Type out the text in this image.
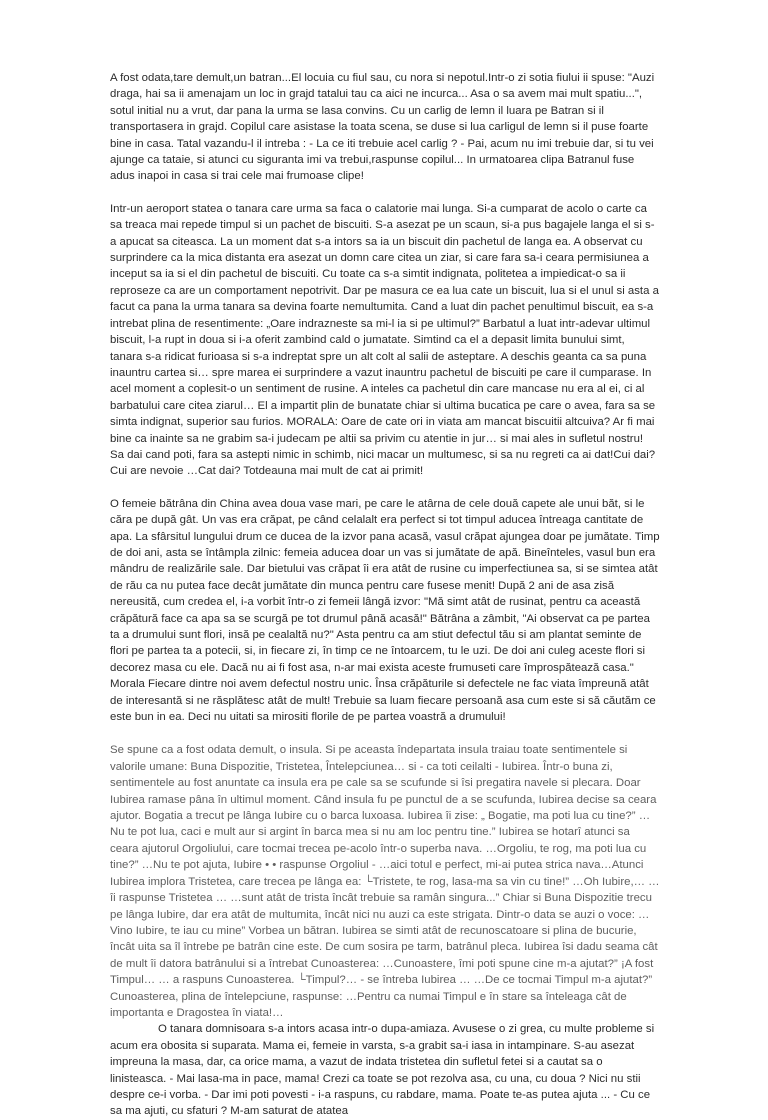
A fost odata,tare demult,un batran...El locuia cu fiul sau, cu nora si nepotul.Intr-o zi sotia fiului ii spuse: "Auzi draga, hai sa ii amenajam un loc in grajd tatalui tau ca aici ne incurca... Asa o sa avem mai mult spatiu...", sotul initial nu a vrut, dar pana la urma se lasa convins. Cu un carlig de lemn il luara pe Batran si il transportasera in grajd. Copilul care asistase la toata scena, se duse si lua carligul de lemn si il puse foarte bine in casa. Tatal vazandu-l il intreba : - La ce iti trebuie acel carlig ? - Pai, acum nu imi trebuie dar, si tu vei ajunge ca tataie, si atunci cu siguranta imi va trebui,raspunse copilul... In urmatoarea clipa Batranul fuse adus inapoi in casa si trai cele mai frumoase clipe!

Intr-un aeroport statea o tanara care urma sa faca o calatorie mai lunga. Si-a cumparat de acolo o carte ca sa treaca mai repede timpul si un pachet de biscuiti. S-a asezat pe un scaun, si-a pus bagajele langa el si s-a apucat sa citeasca. La un moment dat s-a intors sa ia un biscuit din pachetul de langa ea. A observat cu surprindere ca la mica distanta era asezat un domn care citea un ziar, si care fara sa-i ceara permisiunea a inceput sa ia si el din pachetul de biscuiti. Cu toate ca s-a simtit indignata, politetea a impiedicat-o sa ii reproseze ca are un comportament nepotrivit. Dar pe masura ce ea lua cate un biscuit, lua si el unul si asta a facut ca pana la urma tanara sa devina foarte nemultumita. Cand a luat din pachet penultimul biscuit, ea s-a intrebat plina de resentimente: „Oare indrazneste sa mi-l ia si pe ultimul?” Barbatul a luat intr-adevar ultimul biscuit, l-a rupt in doua si i-a oferit zambind cald o jumatate. Simtind ca el a depasit limita bunului simt, tanara s-a ridicat furioasa si s-a indreptat spre un alt colt al salii de asteptare. A deschis geanta ca sa puna inauntru cartea si… spre marea ei surprindere a vazut inauntru pachetul de biscuiti pe care il cumparase. In acel moment a coplesit-o un sentiment de rusine. A inteles ca pachetul din care mancase nu era al ei, ci al barbatului care citea ziarul… El a impartit plin de bunatate chiar si ultima bucatica pe care o avea, fara sa se simta indignat, superior sau furios. MORALA: Oare de cate ori in viata am mancat biscuitii altcuiva? Ar fi mai bine ca inainte sa ne grabim sa-i judecam pe altii sa privim cu atentie in jur… si mai ales in sufletul nostru! Sa dai cand poti, fara sa astepti nimic in schimb, nici macar un multumesc, si sa nu regreti ca ai dat!Cui dai? Cui are nevoie …Cat dai? Totdeauna mai mult de cat ai primit!

O femeie bătrâna din China avea doua vase mari, pe care le atârna de cele două capete ale unui băt, si le căra pe după gât. Un vas era crăpat, pe când celalalt era perfect si tot timpul aducea întreaga cantitate de apa. La sfârsitul lungului drum ce ducea de la izvor pana acasă, vasul crăpat ajungea doar pe jumătate. Timp de doi ani, asta se întâmpla zilnic: femeia aducea doar un vas si jumătate de apă. Bineînteles, vasul bun era mândru de realizările sale. Dar bietului vas crăpat îi era atât de rusine cu imperfectiunea sa, si se simtea atât de rău ca nu putea face decât jumătate din munca pentru care fusese menit! După 2 ani de asa zisă nereusită, cum credea el, i-a vorbit într-o zi femeii lângă izvor: "Mă simt atât de rusinat, pentru ca această crăpătură face ca apa sa se scurgă pe tot drumul până acasă!" Bătrâna a zâmbit, "Ai observat ca pe partea ta a drumului sunt flori, insă pe cealaltă nu?" Asta pentru ca am stiut defectul tău si am plantat seminte de flori pe partea ta a potecii, si, in fiecare zi, în timp ce ne întoarcem, tu le uzi. De doi ani culeg aceste flori si decorez masa cu ele. Dacă nu ai fi fost asa, n-ar mai exista aceste frumuseti care împrospătează casa." Morala Fiecare dintre noi avem defectul nostru unic. Însa crăpăturile si defectele ne fac viata împreună atât de interesantă si ne răsplătesc atât de mult! Trebuie sa luam fiecare persoană asa cum este si să căutăm ce este bun in ea. Deci nu uitati sa mirositi florile de pe partea voastră a drumului!

Se spune ca a fost odata demult, o insula. Si pe aceasta îndepartata insula traiau toate sentimentele si valorile umane: Buna Dispozitie, Tristetea, Întelepciunea… si - ca toti ceilalti - Iubirea. Într-o buna zi, sentimentele au fost anuntate ca insula era pe cale sa se scufunde si îsi pregatira navele si plecara. Doar Iubirea ramase pâna în ultimul moment. Când insula fu pe punctul de a se scufunda, Iubirea decise sa ceara ajutor. Bogatia a trecut pe lânga Iubire cu o barca luxoasa. Iubirea îi zise: „ Bogatie, ma poti lua cu tine?” …Nu te pot lua, caci e mult aur si argint în barca mea si nu am loc pentru tine.” Iubirea se hotarî atunci sa ceara ajutorul Orgoliului, care tocmai trecea pe-acolo într-o superba nava. …Orgoliu, te rog, ma poti lua cu tine?” …Nu te pot ajuta, Iubire • • raspunse Orgoliul - …aici totul e perfect, mi-ai putea strica nava…Atunci Iubirea implora Tristetea, care trecea pe lânga ea: └Tristete, te rog, lasa-ma sa vin cu tine!” …Oh Iubire,… … îi raspunse Tristetea … …sunt atât de trista încât trebuie sa ramân singura...” Chiar si Buna Dispozitie trecu pe lânga Iubire, dar era atât de multumita, încât nici nu auzi ca este strigata. Dintr-o data se auzi o voce: …Vino Iubire, te iau cu mine” Vorbea un bătran. Iubirea se simti atât de recunoscatoare si plina de bucurie, încât uita sa îl întrebe pe batrân cine este. De cum sosira pe tarm, batrânul pleca. Iubirea îsi dadu seama cât de mult îi datora batrânului si a întrebat Cunoasterea: …Cunoastere, îmi poti spune cine m-a ajutat?” ¡A fost Timpul… … a raspuns Cunoasterea. └Timpul?… - se întreba Iubirea … …De ce tocmai Timpul m-a ajutat?” Cunoasterea, plina de întelepciune, raspunse: …Pentru ca numai Timpul e în stare sa înteleaga cât de importanta e Dragostea în viata!…

O tanara domnisoara s-a intors acasa intr-o dupa-amiaza. Avusese o zi grea, cu multe probleme si acum era obosita si suparata. Mama ei, femeie in varsta, s-a grabit sa-i iasa in intampinare. S-au asezat impreuna la masa, dar, ca orice mama, a vazut de indata tristetea din sufletul fetei si a cautat sa o linisteasca. - Mai lasa-ma in pace, mama! Crezi ca toate se pot rezolva asa, cu una, cu doua ? Nici nu stii despre ce-i vorba. - Dar imi poti povesti - i-a raspuns, cu rabdare, mama. Poate te-as putea ajuta ... - Cu ce sa ma ajuti, cu sfaturi ? M-am saturat de atatea
